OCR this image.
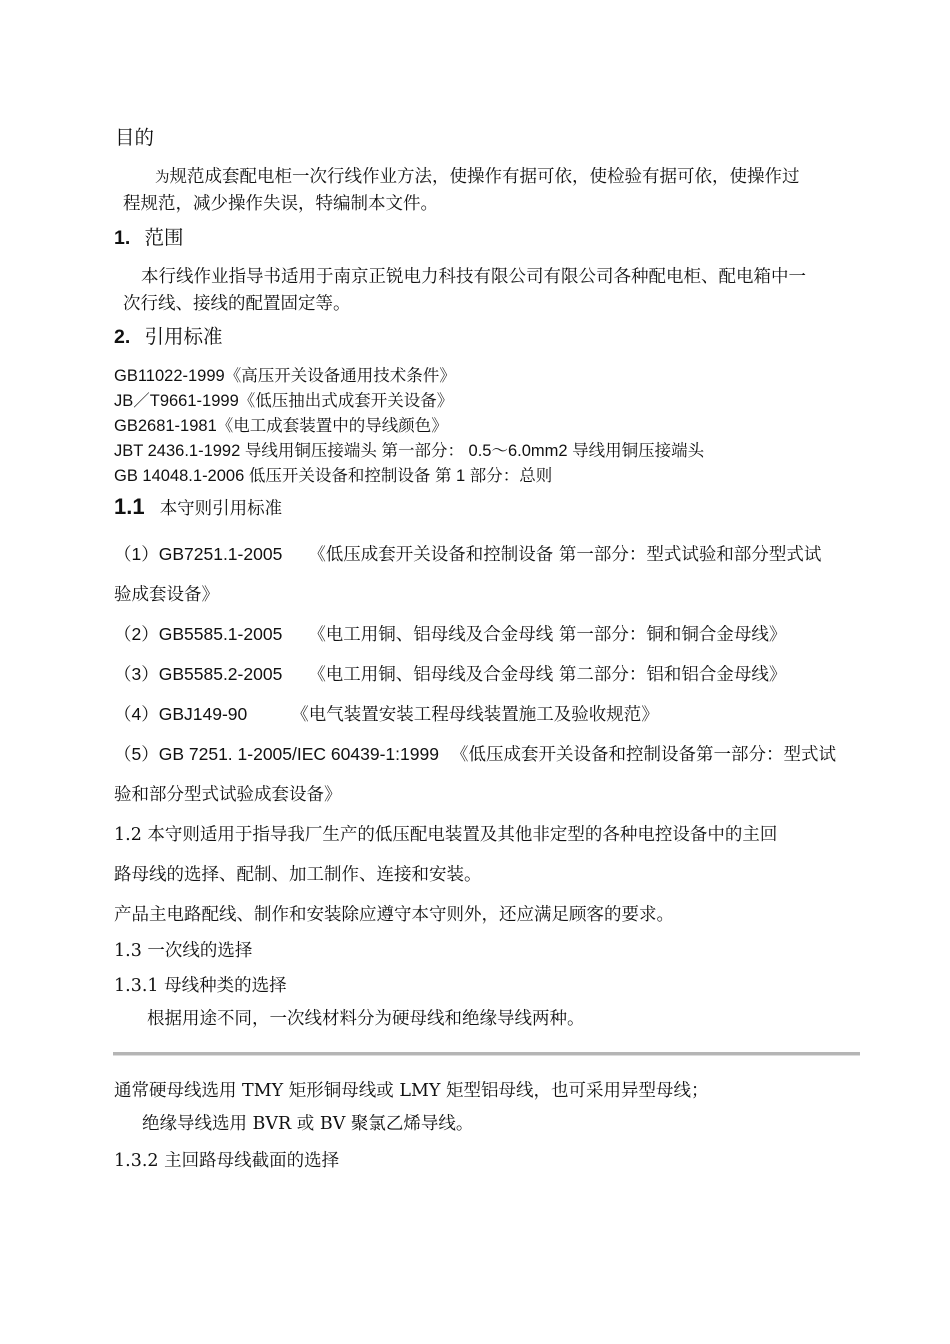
目的
为规范成套配电柜一次行线作业方法，使操作有据可依，使检验有据可依，使操作过
程规范，减少操作失误，特编制本文件。
1. 范围
本行线作业指导书适用于南京正锐电力科技有限公司有限公司各种配电柜、配电箱中一
次行线、接线的配置固定等。
2. 引用标准
GB11022-1999《高压开关设备通用技术条件》
JB／T9661-1999《低压抽出式成套开关设备》
GB2681-1981《电工成套装置中的导线颜色》
JBT 2436.1-1992 导线用铜压接端头 第一部分： 0.5～6.0mm2 导线用铜压接端头
GB 14048.1-2006 低压开关设备和控制设备 第 1 部分：总则
1.1 本守则引用标准
（1）GB7251.1-2005 《低压成套开关设备和控制设备 第一部分：型式试验和部分型式试
验成套设备》
（2）GB5585.1-2005 《电工用铜、铝母线及合金母线 第一部分：铜和铜合金母线》
（3）GB5585.2-2005 《电工用铜、铝母线及合金母线 第二部分：铝和铝合金母线》
（4）GBJ149-90	《电气装置安装工程母线装置施工及验收规范》
（5）GB 7251. 1-2005/IEC 60439-1:1999 《低压成套开关设备和控制设备第一部分：型式试
验和部分型式试验成套设备》
1.2 本守则适用于指导我厂生产的低压配电装置及其他非定型的各种电控设备中的主回
路母线的选择、配制、加工制作、连接和安装。
产品主电路配线、制作和安装除应遵守本守则外，还应满足顾客的要求。
1.3 一次线的选择
1.3.1 母线种类的选择
根据用途不同，一次线材料分为硬母线和绝缘导线两种。
通常硬母线选用 TMY 矩形铜母线或 LMY 矩型铝母线，也可采用异型母线；
绝缘导线选用 BVR 或 BV 聚氯乙烯导线。
1.3.2 主回路母线截面的选择
